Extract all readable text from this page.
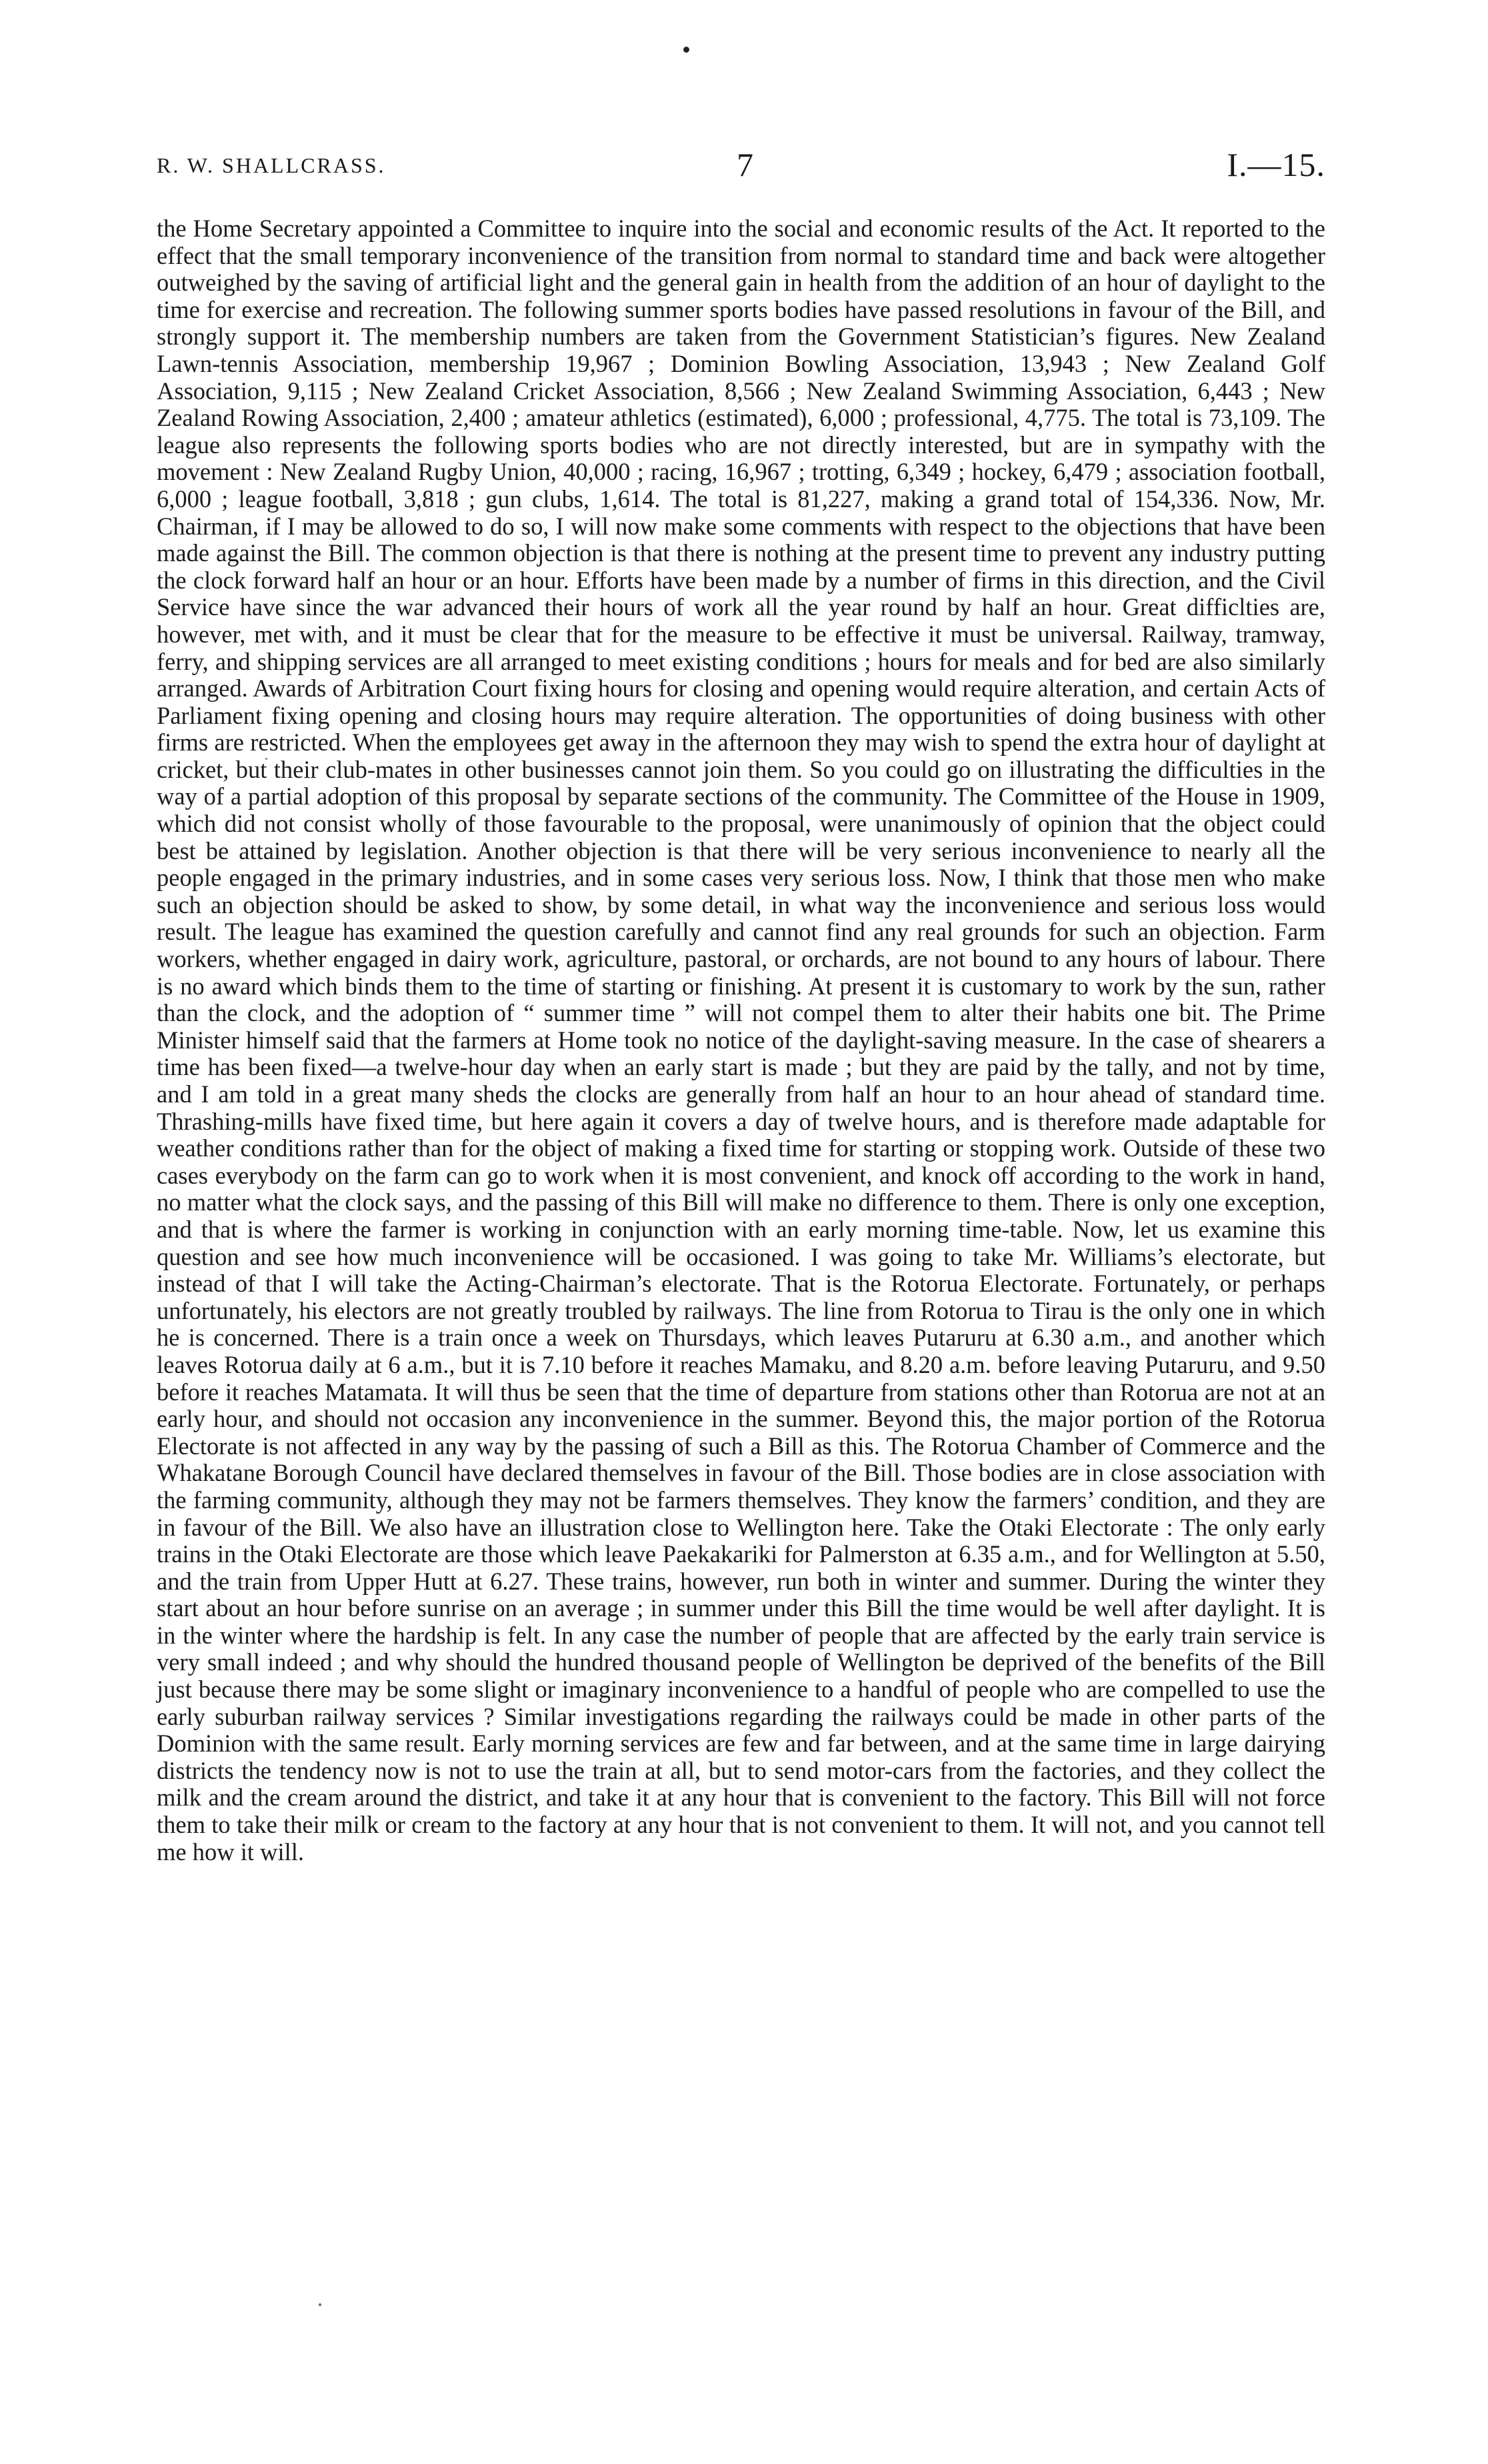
R. W. SHALLCRASS.	7	I.—15.

the Home Secretary appointed a Committee to inquire into the social and economic results of the Act. It reported to the effect that the small temporary inconvenience of the transition from normal to standard time and back were altogether outweighed by the saving of artificial light and the general gain in health from the addition of an hour of daylight to the time for exercise and recreation. The following summer sports bodies have passed resolutions in favour of the Bill, and strongly support it. The membership numbers are taken from the Government Statistician’s figures. New Zealand Lawn-tennis Association, membership 19,967 ; Dominion Bowling Association, 13,943 ; New Zealand Golf Association, 9,115 ; New Zealand Cricket Association, 8,566 ; New Zealand Swimming Association, 6,443 ; New Zealand Rowing Association, 2,400 ; amateur athletics (estimated), 6,000 ; professional, 4,775. The total is 73,109. The league also represents the following sports bodies who are not directly interested, but are in sympathy with the movement : New Zealand Rugby Union, 40,000 ; racing, 16,967 ; trotting, 6,349 ; hockey, 6,479 ; association football, 6,000 ; league football, 3,818 ; gun clubs, 1,614. The total is 81,227, making a grand total of 154,336. Now, Mr. Chairman, if I may be allowed to do so, I will now make some comments with respect to the objections that have been made against the Bill. The common objection is that there is nothing at the present time to prevent any industry putting the clock forward half an hour or an hour. Efforts have been made by a number of firms in this direction, and the Civil Service have since the war advanced their hours of work all the year round by half an hour. Great difficlties are, however, met with, and it must be clear that for the measure to be effective it must be universal. Railway, tramway, ferry, and shipping services are all arranged to meet existing conditions ; hours for meals and for bed are also similarly arranged. Awards of Arbitration Court fixing hours for closing and opening would require alteration, and certain Acts of Parliament fixing opening and closing hours may require alteration. The opportunities of doing business with other firms are restricted. When the employees get away in the afternoon they may wish to spend the extra hour of daylight at cricket, but their club-mates in other businesses cannot join them. So you could go on illustrating the difficulties in the way of a partial adoption of this proposal by separate sections of the community. The Committee of the House in 1909, which did not consist wholly of those favourable to the proposal, were unanimously of opinion that the object could best be attained by legislation. Another objection is that there will be very serious inconvenience to nearly all the people engaged in the primary industries, and in some cases very serious loss. Now, I think that those men who make such an objection should be asked to show, by some detail, in what way the inconvenience and serious loss would result. The league has examined the question carefully and cannot find any real grounds for such an objection. Farm workers, whether engaged in dairy work, agriculture, pastoral, or orchards, are not bound to any hours of labour. There is no award which binds them to the time of starting or finishing. At present it is customary to work by the sun, rather than the clock, and the adoption of “ summer time ” will not compel them to alter their habits one bit. The Prime Minister himself said that the farmers at Home took no notice of the daylight-saving measure. In the case of shearers a time has been fixed—a twelve-hour day when an early start is made ; but they are paid by the tally, and not by time, and I am told in a great many sheds the clocks are generally from half an hour to an hour ahead of standard time. Thrashing-mills have fixed time, but here again it covers a day of twelve hours, and is therefore made adaptable for weather conditions rather than for the object of making a fixed time for starting or stopping work. Outside of these two cases everybody on the farm can go to work when it is most convenient, and knock off according to the work in hand, no matter what the clock says, and the passing of this Bill will make no difference to them. There is only one exception, and that is where the farmer is working in conjunction with an early morning time-table. Now, let us examine this question and see how much inconvenience will be occasioned. I was going to take Mr. Williams’s electorate, but instead of that I will take the Acting-Chairman’s electorate. That is the Rotorua Electorate. Fortunately, or perhaps unfortunately, his electors are not greatly troubled by railways. The line from Rotorua to Tirau is the only one in which he is concerned. There is a train once a week on Thursdays, which leaves Putaruru at 6.30 a.m., and another which leaves Rotorua daily at 6 a.m., but it is 7.10 before it reaches Mamaku, and 8.20 a.m. before leaving Putaruru, and 9.50 before it reaches Matamata. It will thus be seen that the time of departure from stations other than Rotorua are not at an early hour, and should not occasion any inconvenience in the summer. Beyond this, the major portion of the Rotorua Electorate is not affected in any way by the passing of such a Bill as this. The Rotorua Chamber of Commerce and the Whakatane Borough Council have declared themselves in favour of the Bill. Those bodies are in close association with the farming community, although they may not be farmers themselves. They know the farmers’ condition, and they are in favour of the Bill. We also have an illustration close to Wellington here. Take the Otaki Electorate : The only early trains in the Otaki Electorate are those which leave Paekakariki for Palmerston at 6.35 a.m., and for Wellington at 5.50, and the train from Upper Hutt at 6.27. These trains, however, run both in winter and summer. During the winter they start about an hour before sunrise on an average ; in summer under this Bill the time would be well after daylight. It is in the winter where the hardship is felt. In any case the number of people that are affected by the early train service is very small indeed ; and why should the hundred thousand people of Wellington be deprived of the benefits of the Bill just because there may be some slight or imaginary inconvenience to a handful of people who are compelled to use the early suburban railway services ? Similar investigations regarding the railways could be made in other parts of the Dominion with the same result. Early morning services are few and far between, and at the same time in large dairying districts the tendency now is not to use the train at all, but to send motor-cars from the factories, and they collect the milk and the cream around the district, and take it at any hour that is convenient to the factory. This Bill will not force them to take their milk or cream to the factory at any hour that is not convenient to them. It will not, and you cannot tell me how it will.
